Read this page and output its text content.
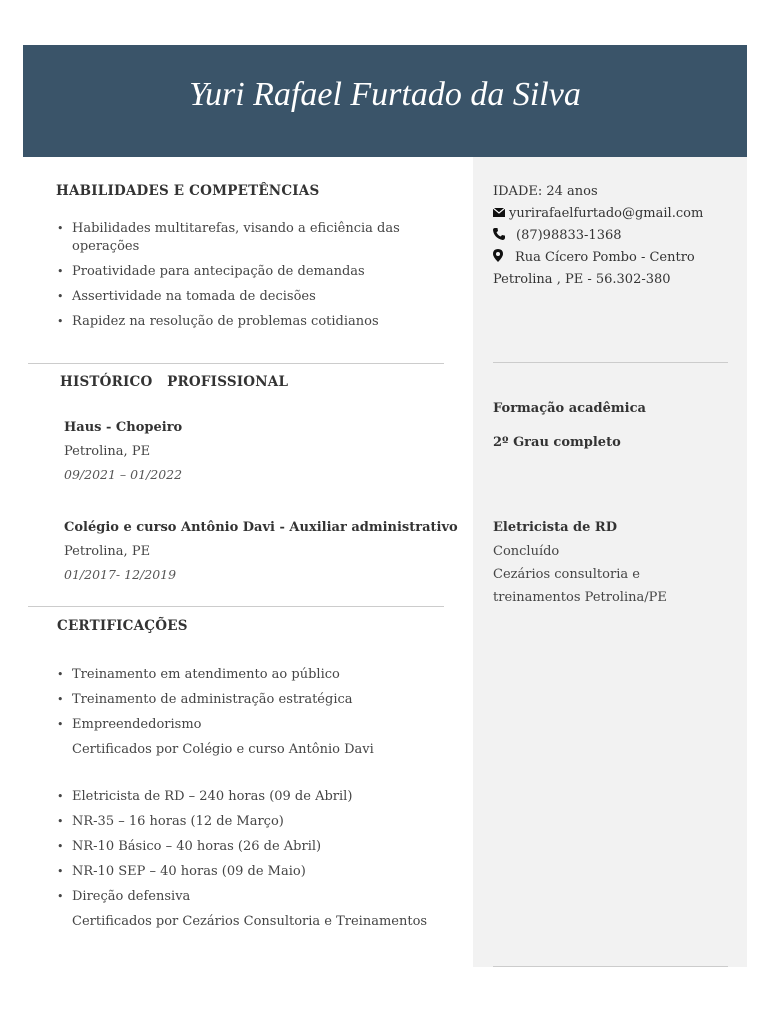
Yuri Rafael Furtado da Silva
HABILIDADES E COMPETÊNCIAS
• Habilidades multitarefas, visando a eficiência das
operações
• Proatividade para antecipação de demandas
• Assertividade na tomada de decisões
• Rapidez na resolução de problemas cotidianos
HISTÓRICO   PROFISSIONAL
Haus - Chopeiro
Petrolina, PE
09/2021 – 01/2022
Colégio e curso Antônio Davi - Auxiliar administrativo
Petrolina, PE
01/2017- 12/2019
CERTIFICAÇÕES
• Treinamento em atendimento ao público
• Treinamento de administração estratégica
• Empreendedorismo
Certificados por Colégio e curso Antônio Davi
• Eletricista de RD – 240 horas (09 de Abril)
• NR-35 – 16 horas (12 de Março)
• NR-10 Básico – 40 horas (26 de Abril)
• NR-10 SEP – 40 horas (09 de Maio)
• Direção defensiva
Certificados por Cezários Consultoria e Treinamentos
IDADE: 24 anos
yurirafaelfurtado@gmail.com
(87)98833-1368
Rua Cícero Pombo - Centro
Petrolina , PE - 56.302-380
Formação acadêmica
2º Grau completo
Eletricista de RD
Concluído
Cezários consultoria e
treinamentos Petrolina/PE
